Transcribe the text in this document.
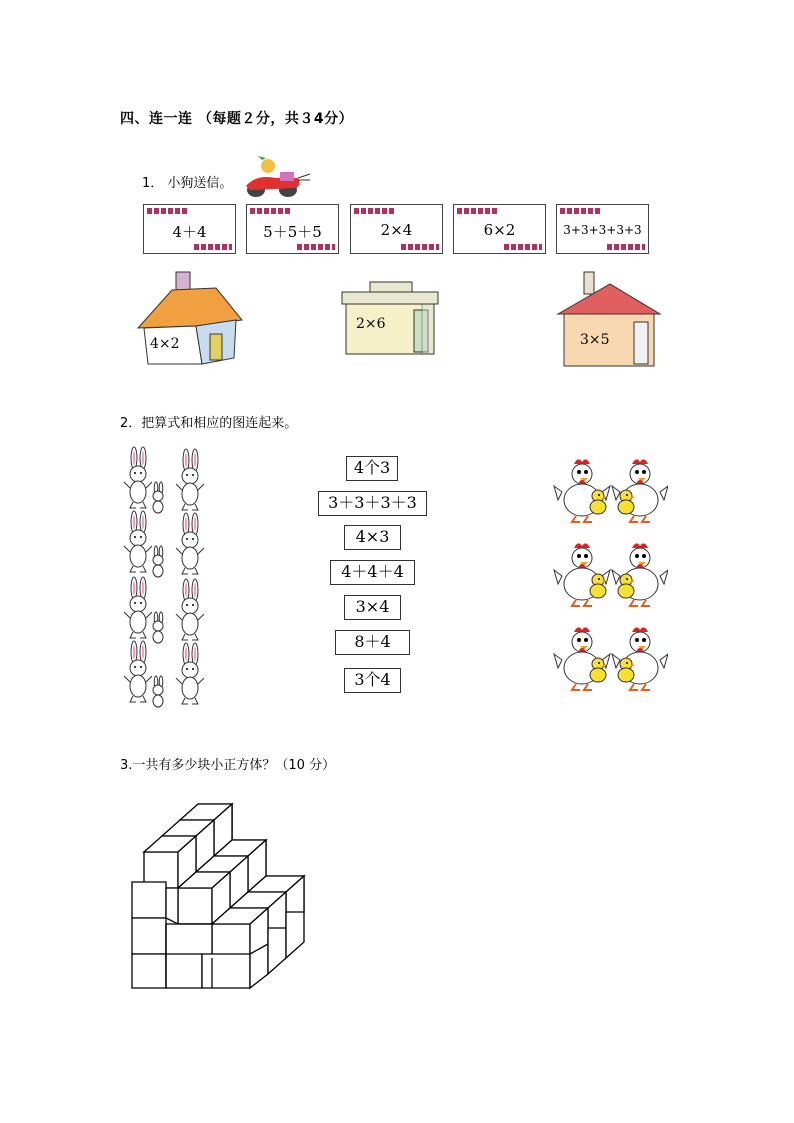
四、连一连 （每题２分，共３4分）
1． 小狗送信。
4＋4	5＋5＋5	2×4	6×2	3+3+3+3+3
4×2
2×6
3×5
2．把算式和相应的图连起来。
4个3
3＋3＋3＋3
4×3
4＋4＋4
3×4
8＋4
3个4
3.一共有多少块小正方体？（10 分）
